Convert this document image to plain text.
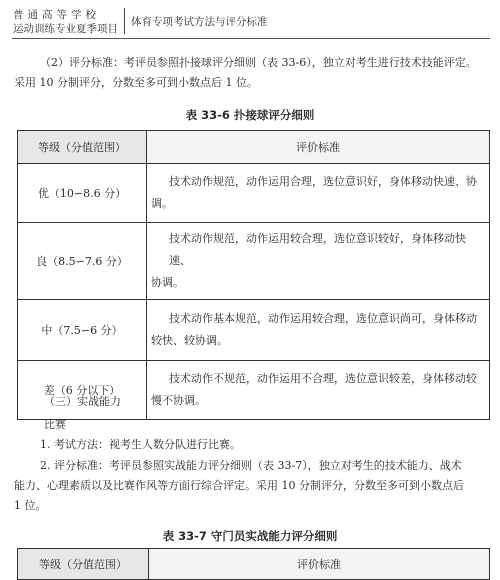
普通高等学校
运动训练专业夏季项目
体育专项考试方法与评分标准
（2）评分标准：考评员参照扑接球评分细则（表 33-6），独立对考生进行技术技能评定。
采用 10 分制评分，分数至多可到小数点后 1 位。
表 33-6 扑接球评分细则
等级（分值范围）	评价标准
优（10∽8.6 分）	技术动作规范，动作运用合理，选位意识好，身体移动快速、协
调。

良（8.5∽7.6 分）	技术动作规范，动作运用较合理，选位意识较好，身体移动快速、
协调。

中（7.5∽6 分）	技术动作基本规范，动作运用较合理，选位意识尚可，身体移动
较快、较协调。

差（6 分以下）	技术动作不规范，动作运用不合理，选位意识较差，身体移动较
慢不协调。
（三）实战能力
比赛
1. 考试方法：视考生人数分队进行比赛。
2. 评分标准：考评员参照实战能力评分细则（表 33-7），独立对考生的技术能力、战术
能力、心理素质以及比赛作风等方面行综合评定。采用 10 分制评分，分数至多可到小数点后
1 位。
表 33-7 守门员实战能力评分细则
等级（分值范围）	评价标准
